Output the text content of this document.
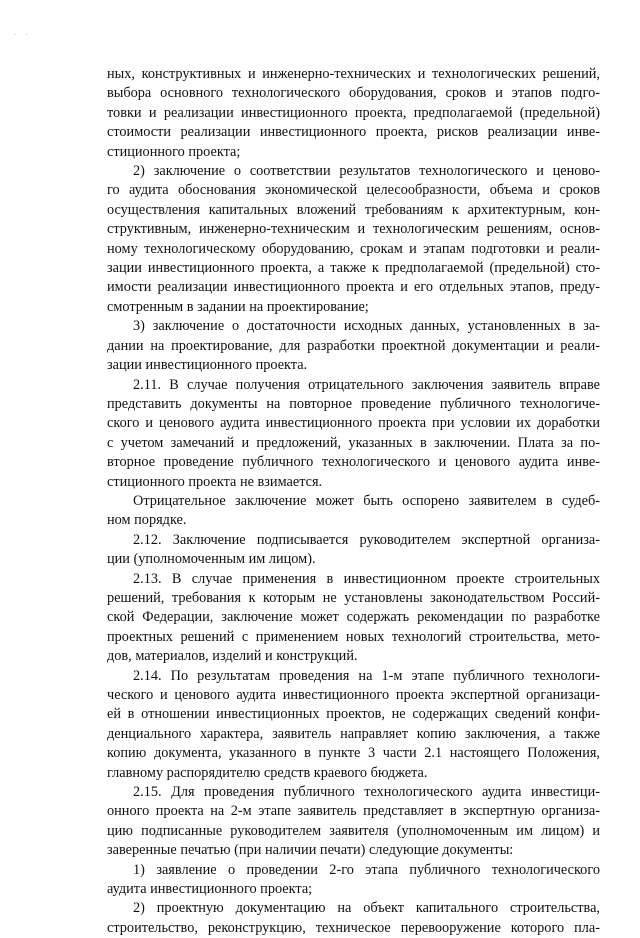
. .

ных, конструктивных и инженерно-технических и технологических решений,
выбора основного технологического оборудования, сроков и этапов подго-
товки и реализации инвестиционного проекта, предполагаемой (предельной)
стоимости реализации инвестиционного проекта, рисков реализации инве-
стиционного проекта;

2) заключение о соответствии результатов технологического и ценово-
го аудита обоснования экономической целесообразности, объема и сроков
осуществления капитальных вложений требованиям к архитектурным, кон-
структивным, инженерно-техническим и технологическим решениям, основ-
ному технологическому оборудованию, срокам и этапам подготовки и реали-
зации инвестиционного проекта, а также к предполагаемой (предельной) сто-
имости реализации инвестиционного проекта и его отдельных этапов, преду-
смотренным в задании на проектирование;

3) заключение о достаточности исходных данных, установленных в за-
дании на проектирование, для разработки проектной документации и реали-
зации инвестиционного проекта.

2.11. В случае получения отрицательного заключения заявитель вправе
представить документы на повторное проведение публичного технологиче-
ского и ценового аудита инвестиционного проекта при условии их доработки
с учетом замечаний и предложений, указанных в заключении. Плата за по-
вторное проведение публичного технологического и ценового аудита инве-
стиционного проекта не взимается.

Отрицательное заключение может быть оспорено заявителем в судеб-
ном порядке.

2.12. Заключение подписывается руководителем экспертной организа-
ции (уполномоченным им лицом).

2.13. В случае применения в инвестиционном проекте строительных
решений, требования к которым не установлены законодательством Россий-
ской Федерации, заключение может содержать рекомендации по разработке
проектных решений с применением новых технологий строительства, мето-
дов, материалов, изделий и конструкций.

2.14. По результатам проведения на 1-м этапе публичного технологи-
ческого и ценового аудита инвестиционного проекта экспертной организаци-
ей в отношении инвестиционных проектов, не содержащих сведений конфи-
денциального характера, заявитель направляет копию заключения, а также
копию документа, указанного в пункте 3 части 2.1 настоящего Положения,
главному распорядителю средств краевого бюджета.

2.15. Для проведения публичного технологического аудита инвестици-
онного проекта на 2-м этапе заявитель представляет в экспертную организа-
цию подписанные руководителем заявителя (уполномоченным им лицом) и
заверенные печатью (при наличии печати) следующие документы:

1) заявление о проведении 2-го этапа публичного технологического
аудита инвестиционного проекта;

2) проектную документацию на объект капитального строительства,
строительство, реконструкцию, техническое перевооружение которого пла-
